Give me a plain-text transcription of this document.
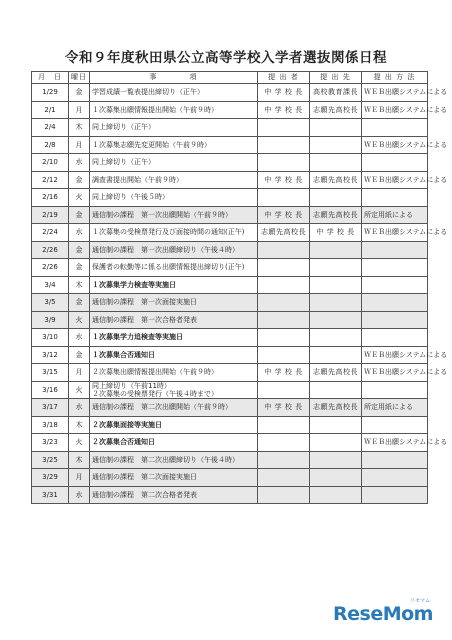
令和９年度秋田県公立高等学校入学者選抜関係日程
月　日	曜日	事　　　　項	提 出 者	提 出 先	提 出 方 法
1/29	金	学習成績一覧表提出締切り（正午）	中 学 校 長	高校教育課長	ＷＥＢ出願システムによる
2/1	月	１次募集出願情報提出開始（午前９時）	中 学 校 長	志願先高校長	ＷＥＢ出願システムによる
2/4	木	同上締切り（正午）			
2/8	月	１次募集志願先変更開始（午前９時）			ＷＥＢ出願システムによる
2/10	水	同上締切り（正午）			
2/12	金	調査書提出開始（午前９時）	中 学 校 長	志願先高校長	ＷＥＢ出願システムによる
2/16	火	同上締切り（午後５時）			
2/19	金	通信制の課程　第一次出願開始（午前９時）	中 学 校 長	志願先高校長	所定用紙による
2/24	水	１次募集の受検票発行及び面接時間の通知(正午)	志願先高校長	中 学 校 長	ＷＥＢ出願システムによる
2/26	金	通信制の課程　第一次出願締切り（午後４時）			
2/26	金	保護者の転勤等に係る出願情報提出締切り(正午)			
3/4	木	１次募集学力検査等実施日			
3/5	金	通信制の課程　第一次面接実施日			
3/9	火	通信制の課程　第一次合格者発表			
3/10	水	１次募集学力追検査等実施日			
3/12	金	１次募集合否通知日			ＷＥＢ出願システムによる
3/15	月	２次募集出願情報提出開始（午前９時）	中 学 校 長	志願先高校長	ＷＥＢ出願システムによる
3/16	火	同上締切り（午前11時）
２次募集の受検票発行（午後４時まで）			

3/17	水	通信制の課程　第二次出願開始（午前９時）	中 学 校 長	志願先高校長	所定用紙による
3/18	木	２次募集面接等実施日			
3/23	火	２次募集合否通知日			ＷＥＢ出願システムによる
3/25	木	通信制の課程　第二次出願締切り（午後４時）			
3/29	月	通信制の課程　第二次面接実施日			
3/31	水	通信制の課程　第二次合格者発表			
ReseMom
リセマム
